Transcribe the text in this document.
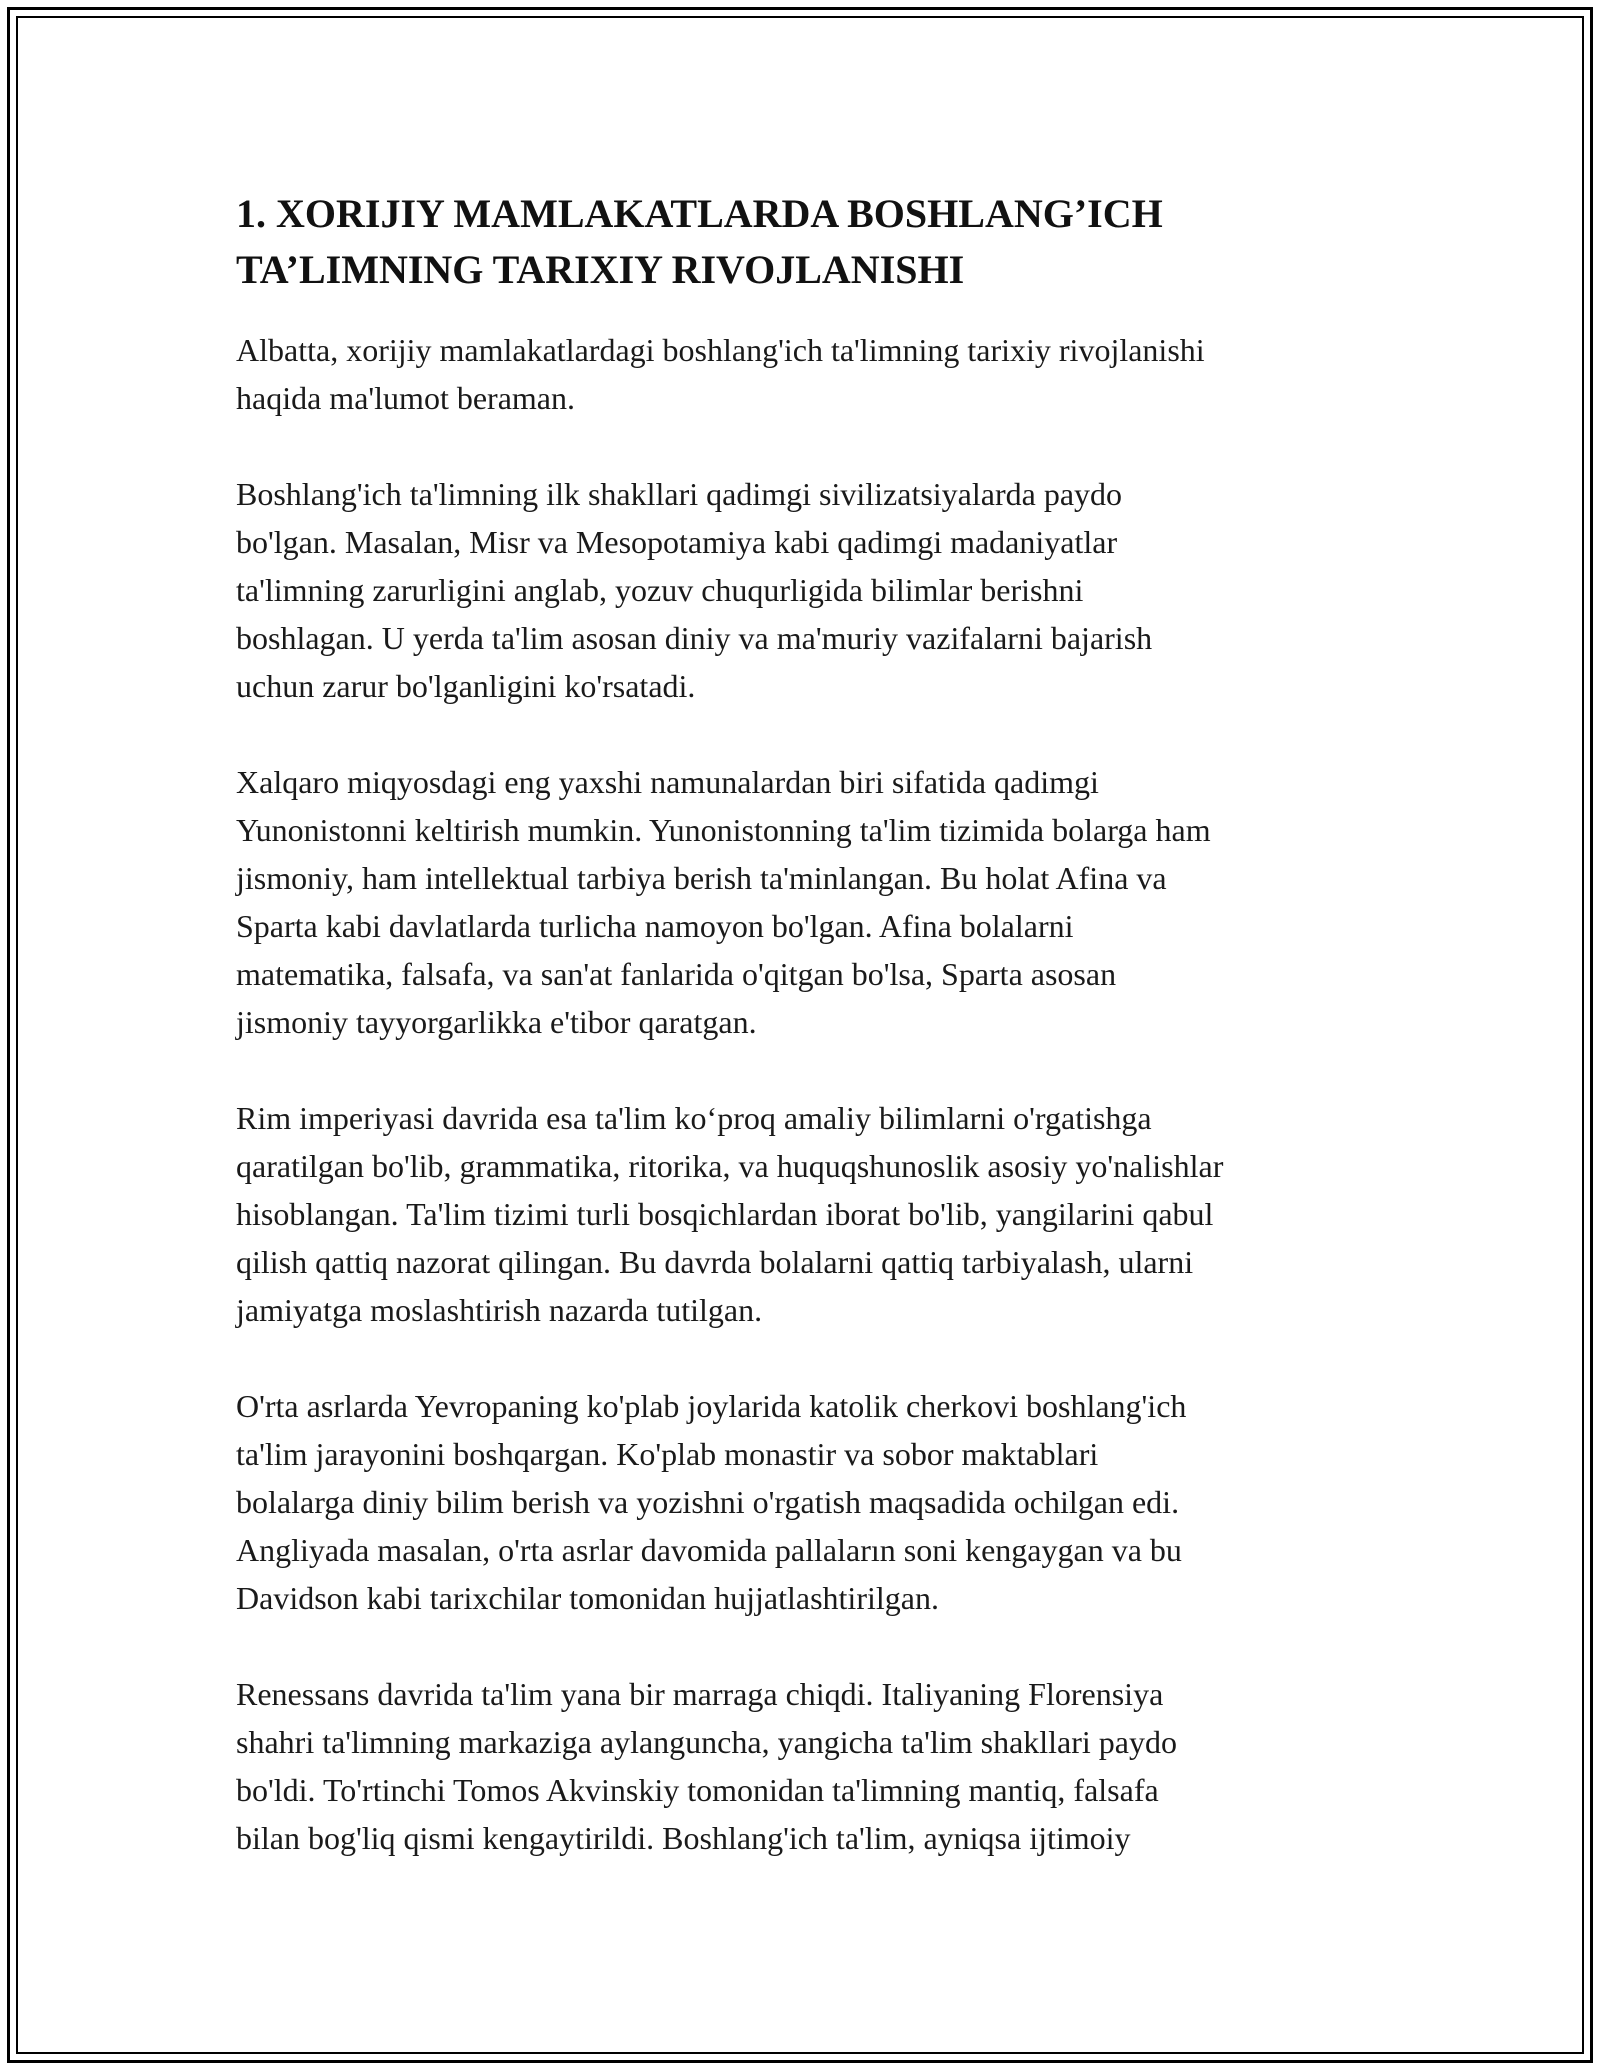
1. XORIJIY MAMLAKATLARDA BOSHLANG’ICH
TA’LIMNING TARIXIY RIVOJLANISHI

Albatta, xorijiy mamlakatlardagi boshlang'ich ta'limning tarixiy rivojlanishi
haqida ma'lumot beraman.

Boshlang'ich ta'limning ilk shakllari qadimgi sivilizatsiyalarda paydo
bo'lgan. Masalan, Misr va Mesopotamiya kabi qadimgi madaniyatlar
ta'limning zarurligini anglab, yozuv chuqurligida bilimlar berishni
boshlagan. U yerda ta'lim asosan diniy va ma'muriy vazifalarni bajarish
uchun zarur bo'lganligini ko'rsatadi.

Xalqaro miqyosdagi eng yaxshi namunalardan biri sifatida qadimgi
Yunonistonni keltirish mumkin. Yunonistonning ta'lim tizimida bolarga ham
jismoniy, ham intellektual tarbiya berish ta'minlangan. Bu holat Afina va
Sparta kabi davlatlarda turlicha namoyon bo'lgan. Afina bolalarni
matematika, falsafa, va san'at fanlarida o'qitgan bo'lsa, Sparta asosan
jismoniy tayyorgarlikka e'tibor qaratgan.

Rim imperiyasi davrida esa ta'lim ko‘proq amaliy bilimlarni o'rgatishga
qaratilgan bo'lib, grammatika, ritorika, va huquqshunoslik asosiy yo'nalishlar
hisoblangan. Ta'lim tizimi turli bosqichlardan iborat bo'lib, yangilarini qabul
qilish qattiq nazorat qilingan. Bu davrda bolalarni qattiq tarbiyalash, ularni
jamiyatga moslashtirish nazarda tutilgan.

O'rta asrlarda Yevropaning ko'plab joylarida katolik cherkovi boshlang'ich
ta'lim jarayonini boshqargan. Ko'plab monastir va sobor maktablari
bolalarga diniy bilim berish va yozishni o'rgatish maqsadida ochilgan edi.
Angliyada masalan, o'rta asrlar davomida pallaların soni kengaygan va bu
Davidson kabi tarixchilar tomonidan hujjatlashtirilgan.

Renessans davrida ta'lim yana bir marraga chiqdi. Italiyaning Florensiya
shahri ta'limning markaziga aylanguncha, yangicha ta'lim shakllari paydo
bo'ldi. To'rtinchi Tomos Akvinskiy tomonidan ta'limning mantiq, falsafa
bilan bog'liq qismi kengaytirildi. Boshlang'ich ta'lim, ayniqsa ijtimoiy
